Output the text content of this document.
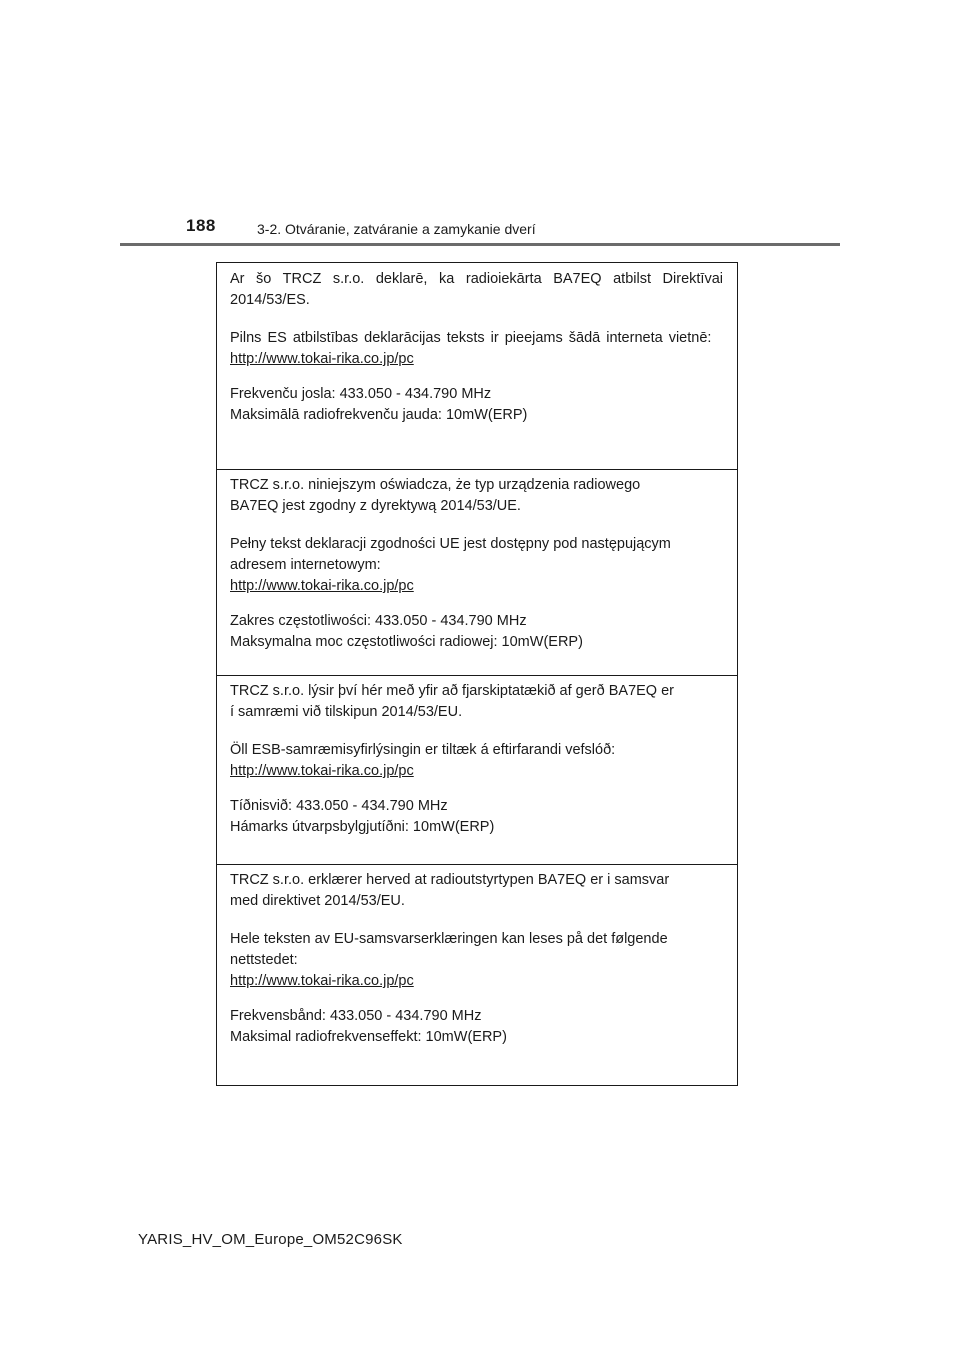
188	3-2. Otváranie, zatváranie a zamykanie dverí

Ar šo TRCZ s.r.o. deklarē, ka radioiekārta BA7EQ atbilst Direktīvai 2014/53/ES.

Pilns ES atbilstības deklarācijas teksts ir pieejams šādā interneta vietnē:

http://www.tokai-rika.co.jp/pc

Frekvenču josla: 433.050 - 434.790 MHz
Maksimālā radiofrekvenču jauda: 10mW(ERP)

TRCZ s.r.o. niniejszym oświadcza, że typ urządzenia radiowego
BA7EQ jest zgodny z dyrektywą 2014/53/UE.

Pełny tekst deklaracji zgodności UE jest dostępny pod następującym
adresem internetowym:

http://www.tokai-rika.co.jp/pc

Zakres częstotliwości: 433.050 - 434.790 MHz
Maksymalna moc częstotliwości radiowej: 10mW(ERP)

TRCZ s.r.o. lýsir því hér með yfir að fjarskiptatækið af gerð BA7EQ er
í samræmi við tilskipun 2014/53/EU.

Öll ESB-samræmisyfirlýsingin er tiltæk á eftirfarandi vefslóð:

http://www.tokai-rika.co.jp/pc

Tíðnisvið: 433.050 - 434.790 MHz
Hámarks útvarpsbylgjutíðni: 10mW(ERP)

TRCZ s.r.o. erklærer herved at radioutstyrtypen BA7EQ er i samsvar
med direktivet 2014/53/EU.

Hele teksten av EU-samsvarserklæringen kan leses på det følgende
nettstedet:

http://www.tokai-rika.co.jp/pc

Frekvensbånd: 433.050 - 434.790 MHz
Maksimal radiofrekvenseffekt: 10mW(ERP)

YARIS_HV_OM_Europe_OM52C96SK
